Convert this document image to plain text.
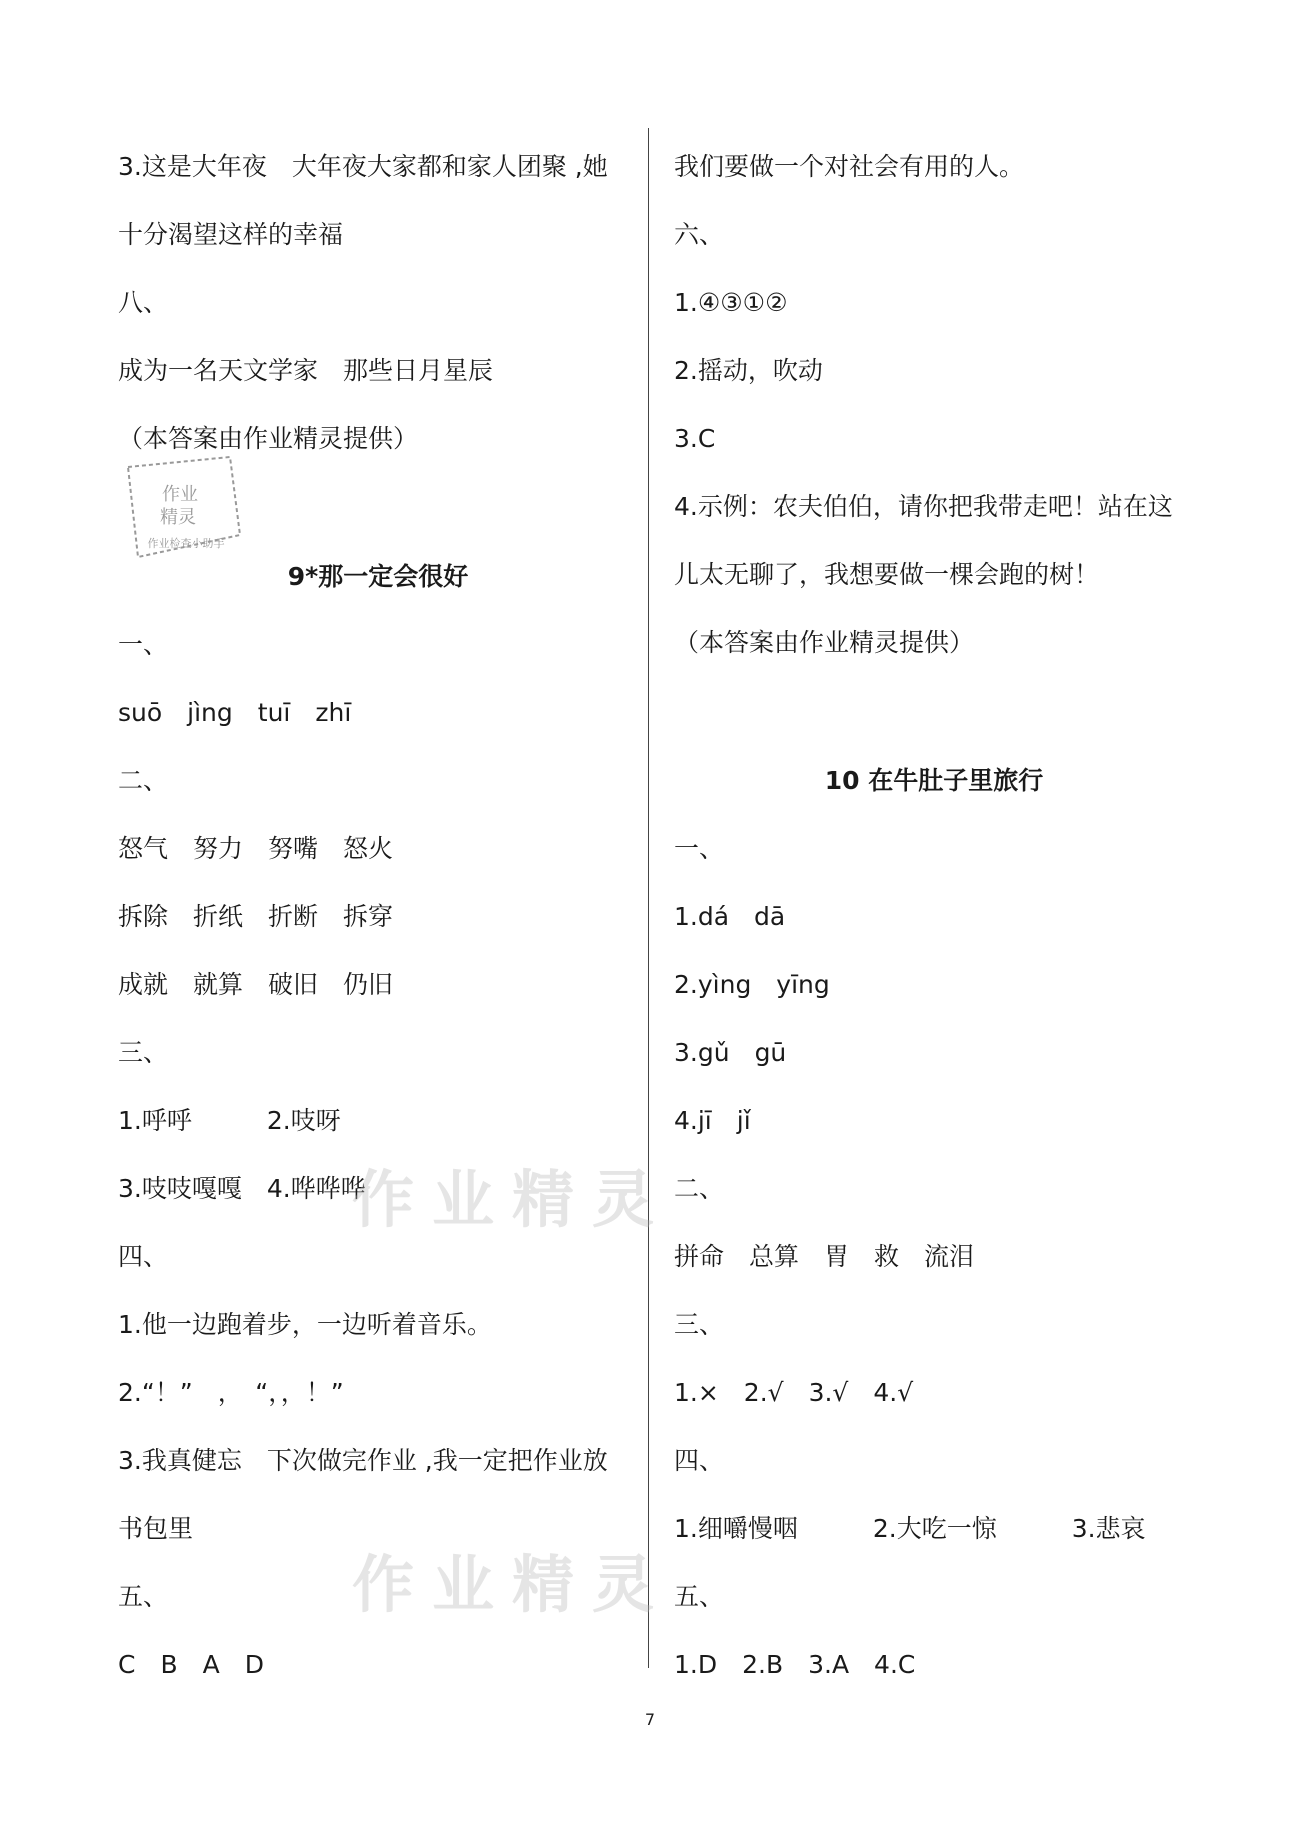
3.这是大年夜　大年夜大家都和家人团聚 ,她
十分渴望这样的幸福
八、
成为一名天文学家　那些日月星辰
（本答案由作业精灵提供）
9*那一定会很好
一、
suō　jìng　tuī　zhī
二、
怒气　努力　努嘴　怒火
拆除　折纸　折断　拆穿
成就　就算　破旧　仍旧
三、
1.呼呼　　　2.吱呀
3.吱吱嘎嘎　4.哗哗哗
四、
1.他一边跑着步，一边听着音乐。
2.“！”　，　“，，！”
3.我真健忘　下次做完作业 ,我一定把作业放
书包里
五、
C　B　A　D
我们要做一个对社会有用的人。
六、
1.④③①②
2.摇动，吹动
3.C
4.示例：农夫伯伯，请你把我带走吧！站在这
儿太无聊了，我想要做一棵会跑的树！
（本答案由作业精灵提供）
10 在牛肚子里旅行
一、
1.dá　dā
2.yìng　yīng
3.gǔ　gū
4.jī　jǐ
二、
拼命　总算　胃　救　流泪
三、
1.×　2.√　3.√　4.√
四、
1.细嚼慢咽　　　2.大吃一惊　　　3.悲哀
五、
1.D　2.B　3.A　4.C
作业
精灵
作业检查小助手
作业精灵
作业精灵
7
